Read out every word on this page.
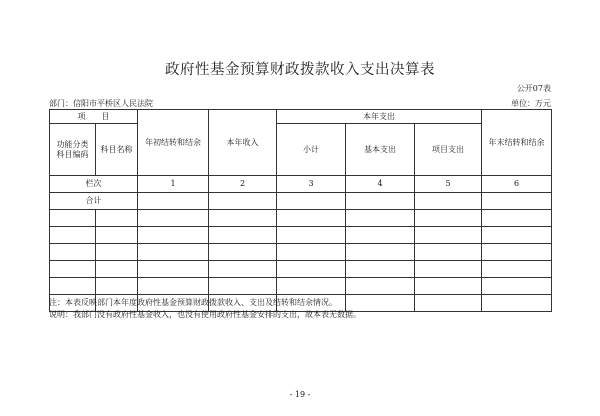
政府性基金预算财政拨款收入支出决算表
公开07表
部门：信阳市平桥区人民法院	单位：万元
项　　目		年初结转和结余	本年收入	本年支出			年末结转和结余
功能分类
科目编码	科目名称			小计	基本支出	项目支出	
栏次		1	2	3	4	5	6
合计							

注：本表反映部门本年度政府性基金预算财政拨款收入、支出及结转和结余情况。
说明：我部门没有政府性基金收入，也没有使用政府性基金安排的支出，故本表无数据。
- 19 -
